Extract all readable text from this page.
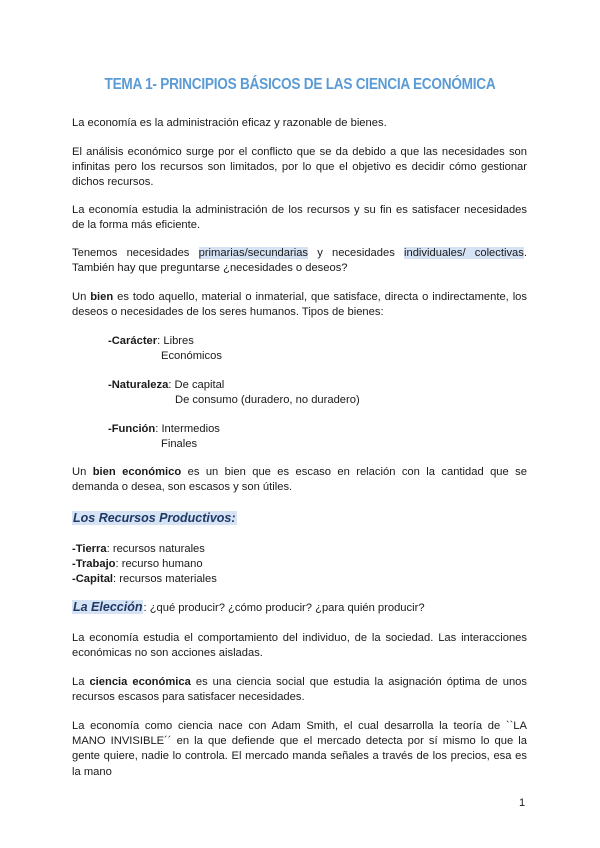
TEMA 1- PRINCIPIOS BÁSICOS DE LAS CIENCIA ECONÓMICA

La economía es la administración eficaz y razonable de bienes.

El análisis económico surge por el conflicto que se da debido a que las necesidades son infinitas pero los recursos son limitados, por lo que el objetivo es decidir cómo gestionar dichos recursos.

La economía estudia la administración de los recursos y su fin es satisfacer necesidades de la forma más eficiente.

Tenemos necesidades primarias/secundarias y necesidades individuales/ colectivas. También hay que preguntarse ¿necesidades o deseos?

Un bien es todo aquello, material o inmaterial, que satisface, directa o indirectamente, los deseos o necesidades de los seres humanos. Tipos de bienes:

-Carácter: Libres

Económicos

-Naturaleza: De capital

De consumo (duradero, no duradero)

-Función: Intermedios

Finales

Un bien económico es un bien que es escaso en relación con la cantidad que se demanda o desea, son escasos y son útiles.

Los Recursos Productivos:

-Tierra: recursos naturales

-Trabajo: recurso humano

-Capital: recursos materiales

La Elección: ¿qué producir? ¿cómo producir? ¿para quién producir?

La economía estudia el comportamiento del individuo, de la sociedad. Las interacciones económicas no son acciones aisladas.

La ciencia económica es una ciencia social que estudia la asignación óptima de unos recursos escasos para satisfacer necesidades.

La economía como ciencia nace con Adam Smith, el cual desarrolla la teoría de ``LA MANO INVISIBLE´´ en la que defiende que el mercado detecta por sí mismo lo que la gente quiere, nadie lo controla. El mercado manda señales a través de los precios, esa es la mano

1
